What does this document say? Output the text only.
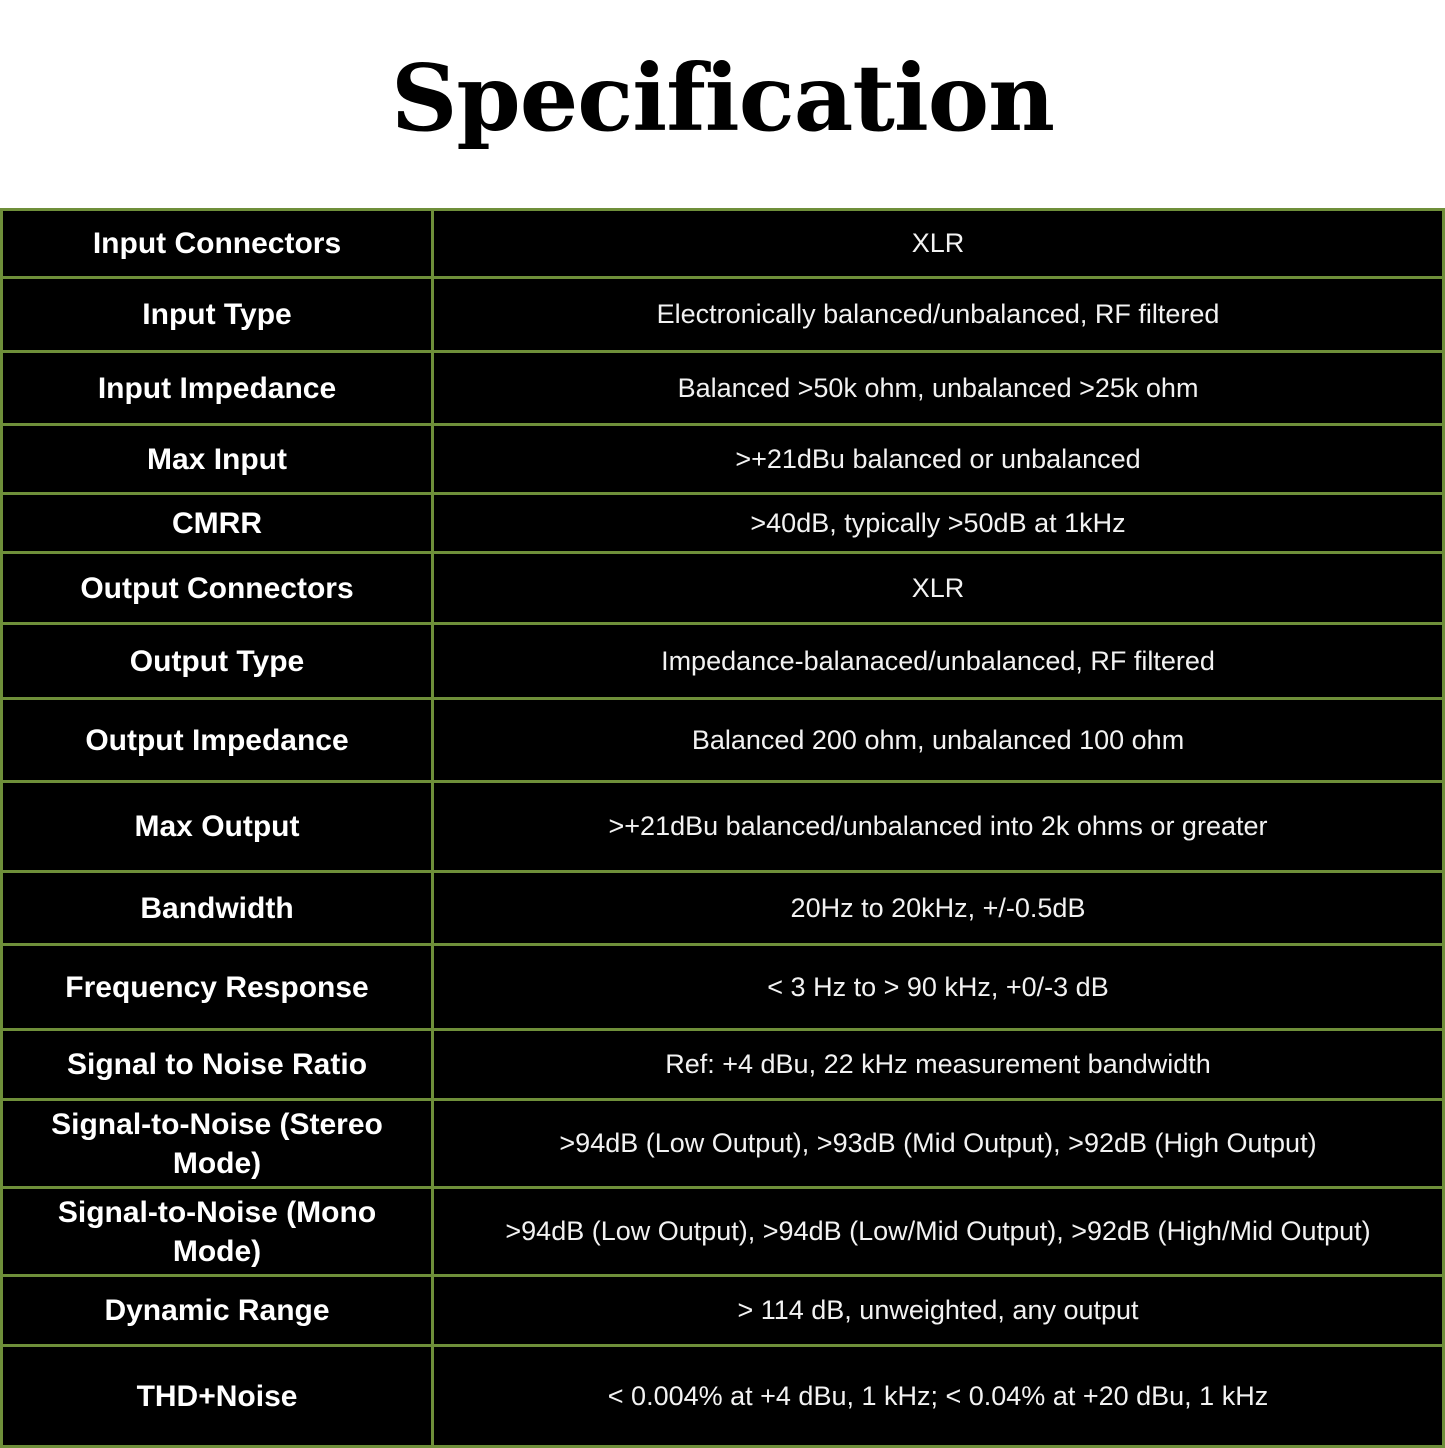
Specification
Input Connectors	XLR
Input Type	Electronically balanced/unbalanced, RF filtered
Input Impedance	Balanced >50k ohm, unbalanced >25k ohm
Max Input	>+21dBu balanced or unbalanced
CMRR	>40dB, typically >50dB at 1kHz
Output Connectors	XLR
Output Type	Impedance-balanaced/unbalanced, RF filtered
Output Impedance	Balanced 200 ohm, unbalanced 100 ohm
Max Output	>+21dBu balanced/unbalanced into 2k ohms or greater
Bandwidth	20Hz to 20kHz, +/-0.5dB
Frequency Response	< 3 Hz to > 90 kHz, +0/-3 dB
Signal to Noise Ratio	Ref: +4 dBu, 22 kHz measurement bandwidth
Signal-to-Noise (Stereo Mode)	>94dB (Low Output), >93dB (Mid Output), >92dB (High Output)
Signal-to-Noise (Mono Mode)	>94dB (Low Output), >94dB (Low/Mid Output), >92dB (High/Mid Output)
Dynamic Range	> 114 dB, unweighted, any output
THD+Noise	< 0.004% at +4 dBu, 1 kHz; < 0.04% at +20 dBu, 1 kHz
